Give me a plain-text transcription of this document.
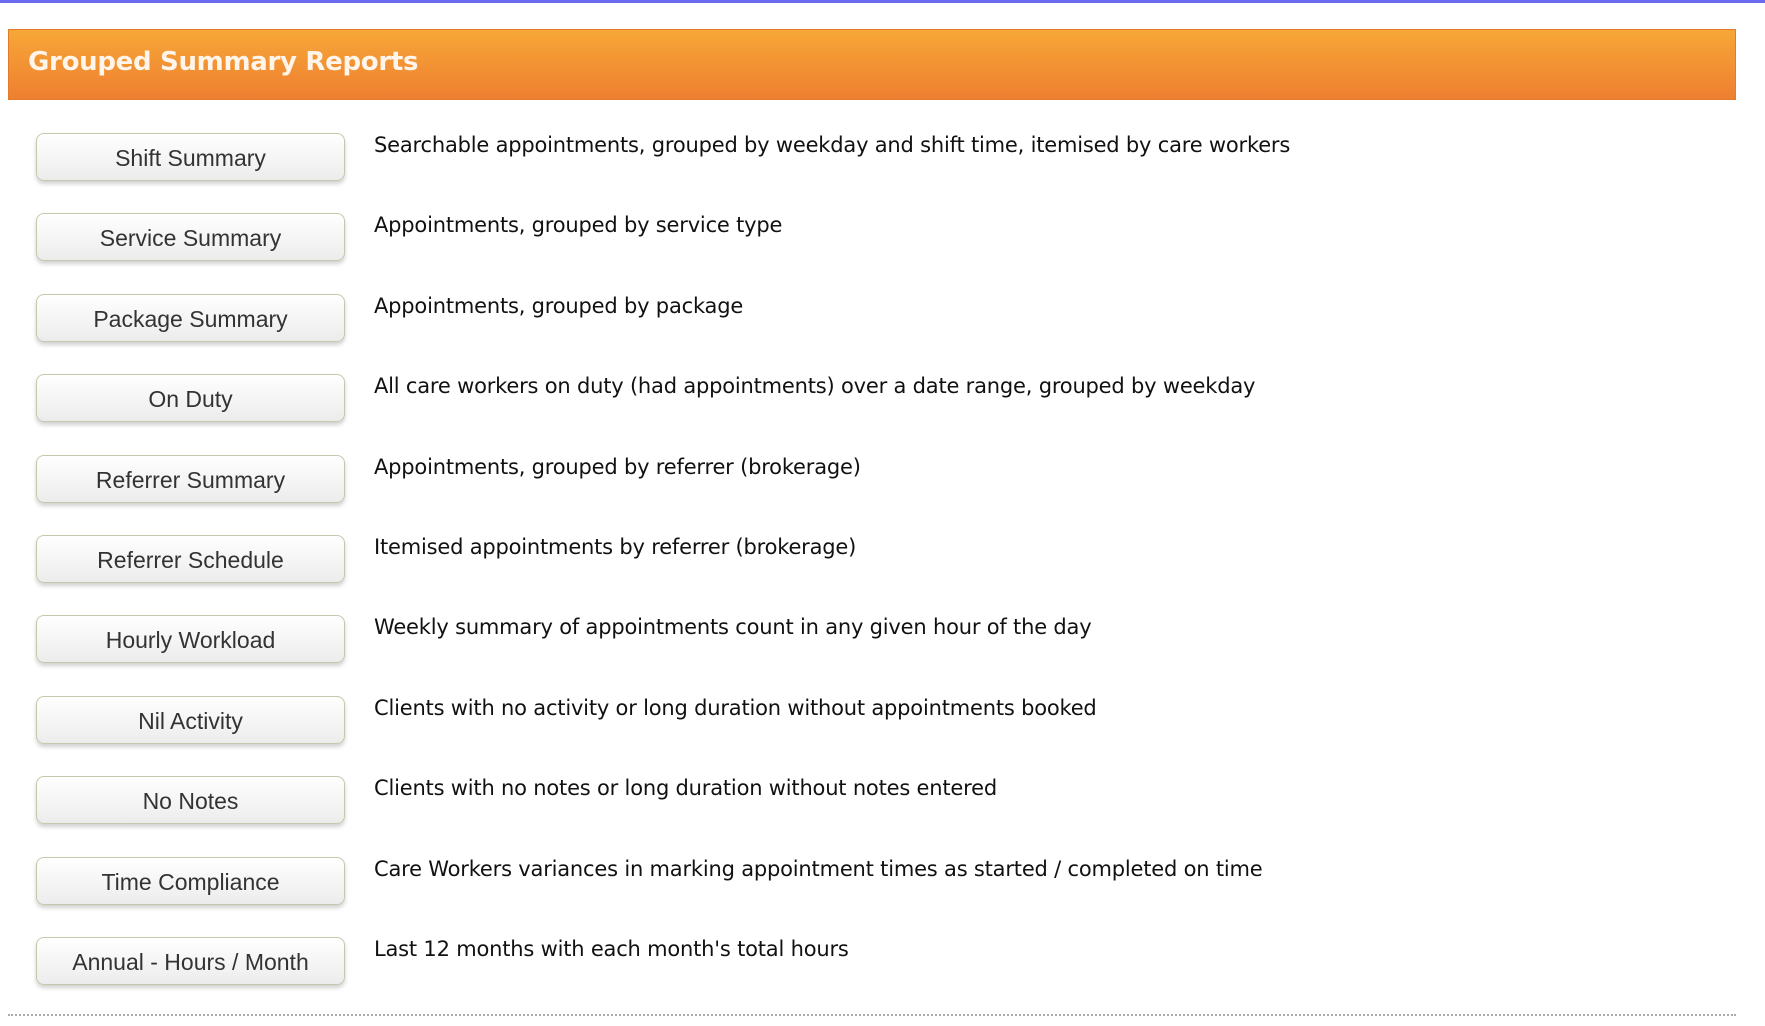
Grouped Summary Reports
Shift Summary	Searchable appointments, grouped by weekday and shift time, itemised by care workers
Service Summary	Appointments, grouped by service type
Package Summary	Appointments, grouped by package
On Duty	All care workers on duty (had appointments) over a date range, grouped by weekday
Referrer Summary	Appointments, grouped by referrer (brokerage)
Referrer Schedule	Itemised appointments by referrer (brokerage)
Hourly Workload	Weekly summary of appointments count in any given hour of the day
Nil Activity	Clients with no activity or long duration without appointments booked
No Notes	Clients with no notes or long duration without notes entered
Time Compliance	Care Workers variances in marking appointment times as started / completed on time
Annual - Hours / Month	Last 12 months with each month's total hours
